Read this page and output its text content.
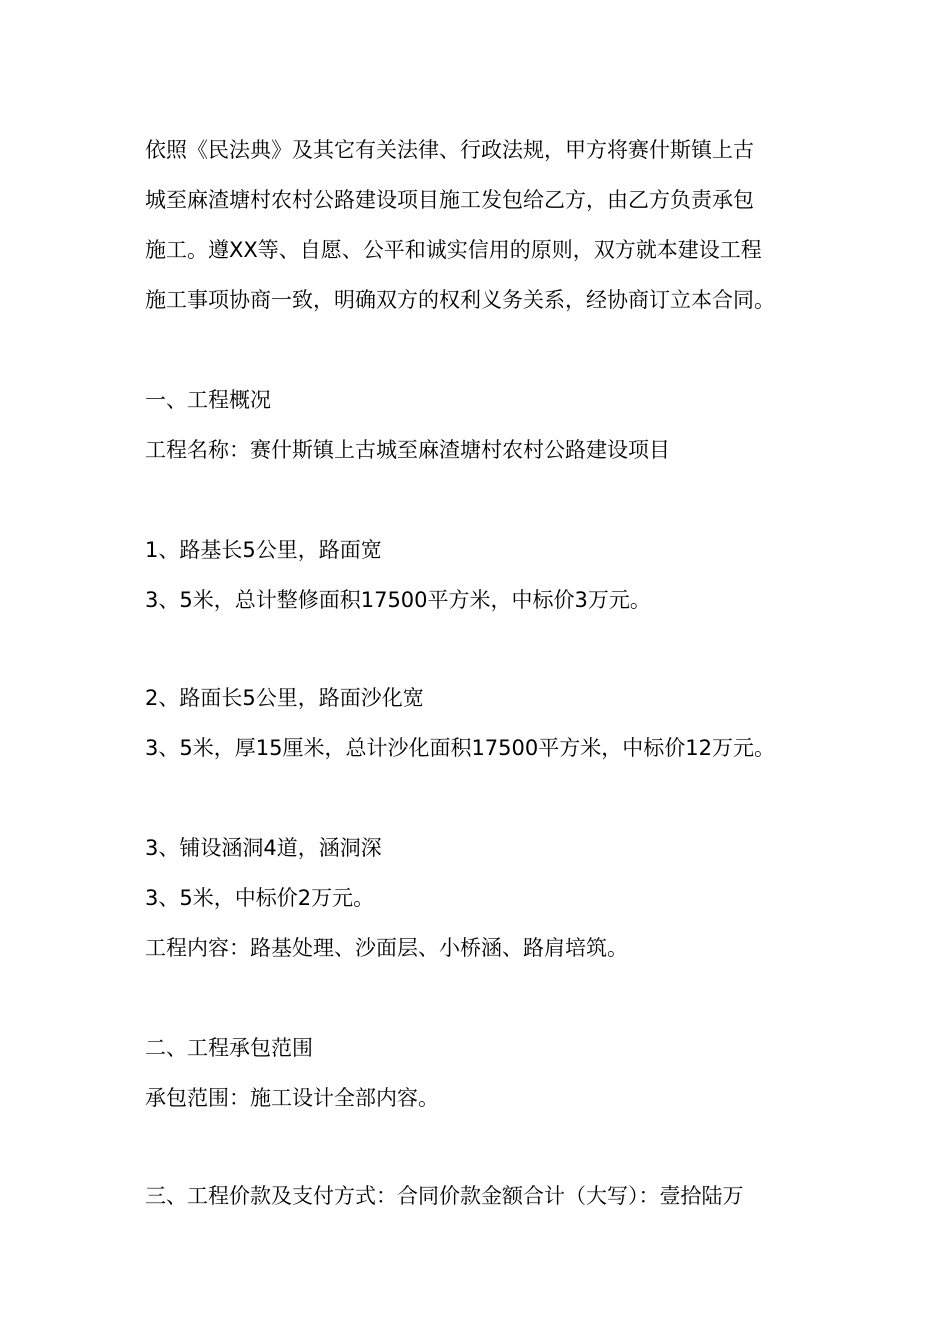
依照《民法典》及其它有关法律、行政法规，甲方将赛什斯镇上古

城至麻渣塘村农村公路建设项目施工发包给乙方，由乙方负责承包

施工。遵XX等、自愿、公平和诚实信用的原则，双方就本建设工程

施工事项协商一致，明确双方的权利义务关系，经协商订立本合同。

一、工程概况

工程名称：赛什斯镇上古城至麻渣塘村农村公路建设项目

1、路基长5公里，路面宽

3、5米，总计整修面积17500平方米，中标价3万元。

2、路面长5公里，路面沙化宽

3、5米，厚15厘米，总计沙化面积17500平方米，中标价12万元。

3、铺设涵洞4道，涵洞深

3、5米，中标价2万元。

工程内容：路基处理、沙面层、小桥涵、路肩培筑。

二、工程承包范围

承包范围：施工设计全部内容。

三、工程价款及支付方式：合同价款金额合计（大写）：壹拾陆万
